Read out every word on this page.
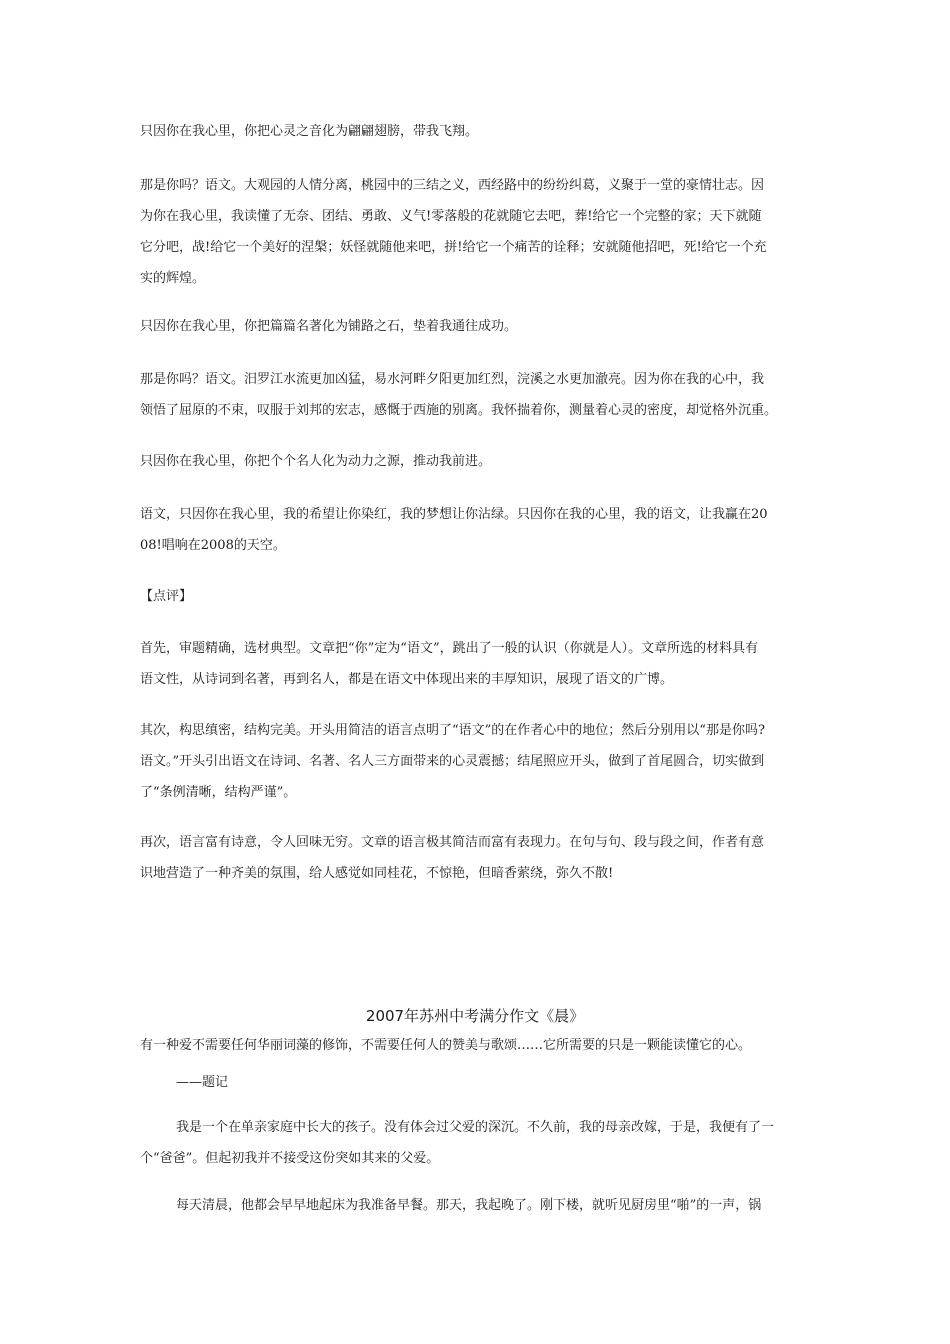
只因你在我心里，你把心灵之音化为翩翩翅膀，带我飞翔。
那是你吗？语文。大观园的人情分离，桃园中的三结之义，西经路中的纷纷纠葛，义聚于一堂的豪情壮志。因
为你在我心里，我读懂了无奈、团结、勇敢、义气!零落般的花就随它去吧，葬!给它一个完整的家；天下就随
它分吧，战!给它一个美好的涅槃；妖怪就随他来吧，拼!给它一个痛苦的诠释；安就随他招吧，死!给它一个充
实的辉煌。
只因你在我心里，你把篇篇名著化为铺路之石，垫着我通往成功。
那是你吗？语文。汨罗江水流更加凶猛，易水河畔夕阳更加红烈，浣溪之水更加澈亮。因为你在我的心中，我
领悟了屈原的不束，叹服于刘邦的宏志，感慨于西施的别离。我怀揣着你，测量着心灵的密度，却觉格外沉重。
只因你在我心里，你把个个名人化为动力之源，推动我前进。
语文，只因你在我心里，我的希望让你染红，我的梦想让你沾绿。只因你在我的心里，我的语文，让我赢在20
08!唱响在2008的天空。
【点评】
首先，审题精确，选材典型。文章把“你”定为“语文”，跳出了一般的认识（你就是人）。文章所选的材料具有
语文性，从诗词到名著，再到名人，都是在语文中体现出来的丰厚知识，展现了语文的广博。
其次，构思缜密，结构完美。开头用简洁的语言点明了“语文”的在作者心中的地位；然后分别用以“那是你吗?
语文。”开头引出语文在诗词、名著、名人三方面带来的心灵震撼；结尾照应开头，做到了首尾圆合，切实做到
了“条例清晰，结构严谨”。
再次，语言富有诗意，令人回味无穷。文章的语言极其简洁而富有表现力。在句与句、段与段之间，作者有意
识地营造了一种齐美的氛围，给人感觉如同桂花，不惊艳，但暗香萦绕，弥久不散!
2007年苏州中考满分作文《晨》
有一种爱不需要任何华丽词藻的修饰，不需要任何人的赞美与歌颂……它所需要的只是一颗能读懂它的心。
——题记
我是一个在单亲家庭中长大的孩子。没有体会过父爱的深沉。不久前，我的母亲改嫁，于是，我便有了一
个“爸爸”。但起初我并不接受这份突如其来的父爱。
每天清晨，他都会早早地起床为我准备早餐。那天，我起晚了。刚下楼，就听见厨房里“啪”的一声，锅
